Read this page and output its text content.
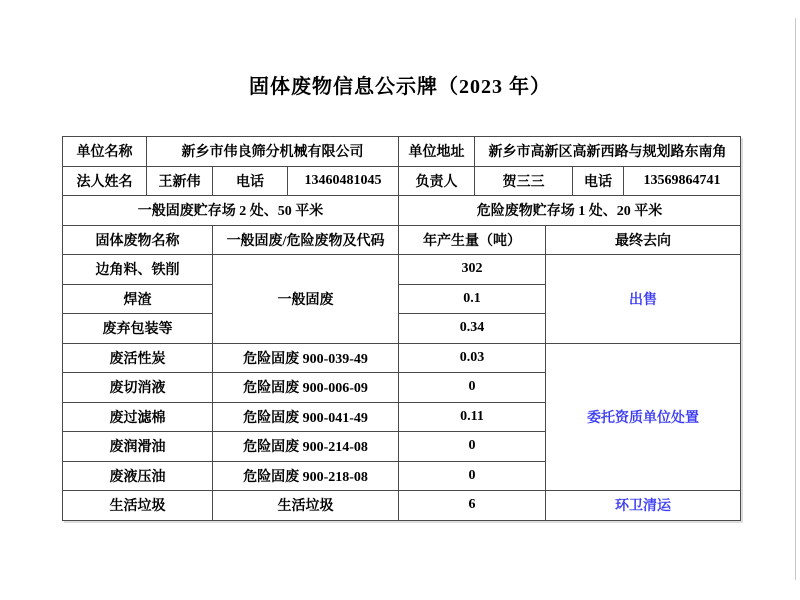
固体废物信息公示牌（2023 年）
单位名称	新乡市伟良筛分机械有限公司			单位地址	新乡市高新区高新西路与规划路东南角			
法人姓名	王新伟	电话	13460481045	负责人	贺三三		电话	13569864741
一般固废贮存场 2 处、50 平米				危险废物贮存场 1 处、20 平米				
固体废物名称		一般固废/危险废物及代码		年产生量（吨）		最终去向		
边角料、铁削		一般固废		302		出售		
焊渣				0.1				
废弃包装等				0.34				
废活性炭		危险固废 900-039-49		0.03		委托资质单位处置		
废切消液		危险固废 900-006-09		0				
废过滤棉		危险固废 900-041-49		0.11				
废润滑油		危险固废 900-214-08		0				
废液压油		危险固废 900-218-08		0				
生活垃圾		生活垃圾		6		环卫清运		
